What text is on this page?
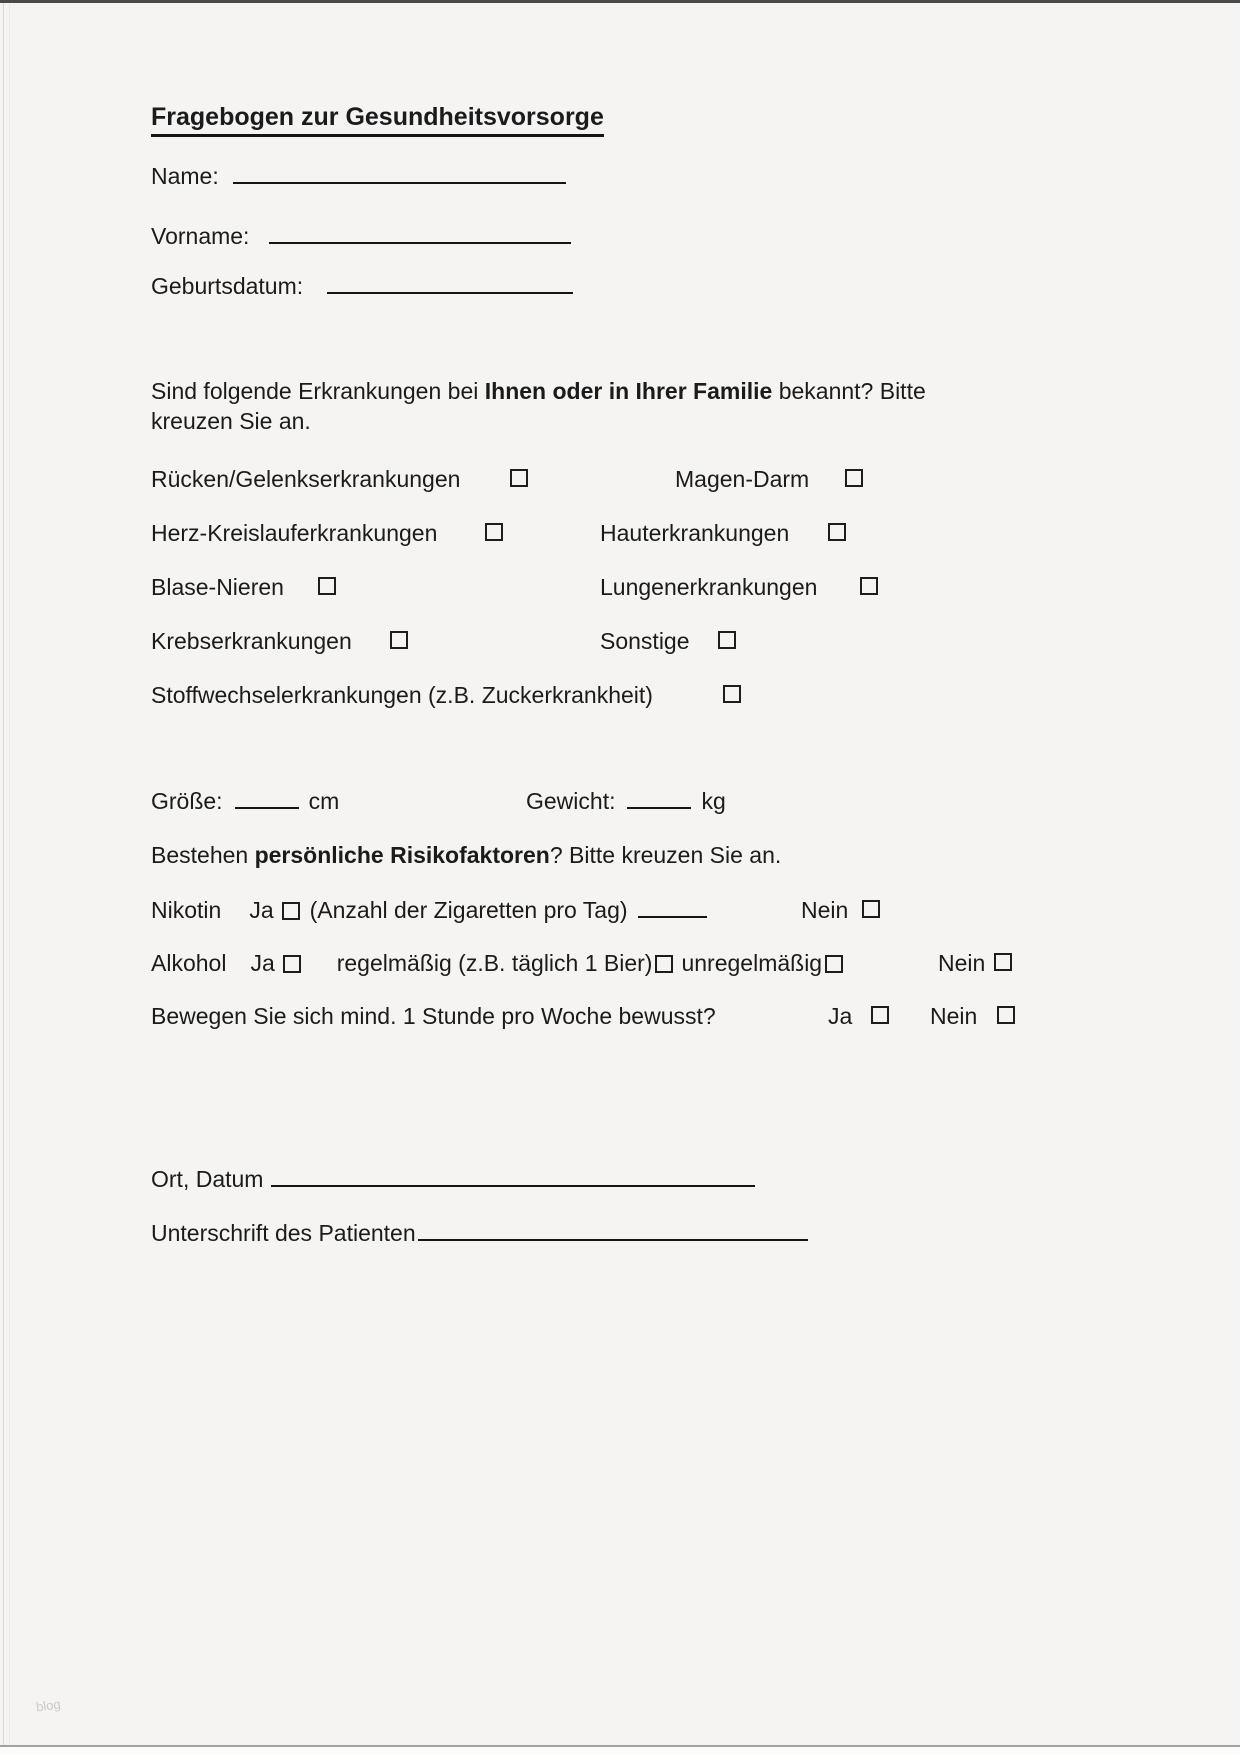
Fragebogen zur Gesundheitsvorsorge
Name:
Vorname:
Geburtsdatum:
Sind folgende Erkrankungen bei Ihnen oder in Ihrer Familie bekannt? Bitte
kreuzen Sie an.
Rücken/Gelenkserkrankungen	Magen-Darm
Herz-Kreislauferkrankungen	Hauterkrankungen
Blase-Nieren	Lungenerkrankungen
Krebserkrankungen	Sonstige
Stoffwechselerkrankungen (z.B. Zuckerkrankheit)
Größe:	cm	Gewicht:	kg
Bestehen persönliche Risikofaktoren? Bitte kreuzen Sie an.
Nikotin Ja (Anzahl der Zigaretten pro Tag)	Nein
Alkohol Ja	regelmäßig (z.B. täglich 1 Bier) unregelmäßig	Nein
Bewegen Sie sich mind. 1 Stunde pro Woche bewusst?	Ja	Nein
Ort, Datum
Unterschrift des Patienten
blog
